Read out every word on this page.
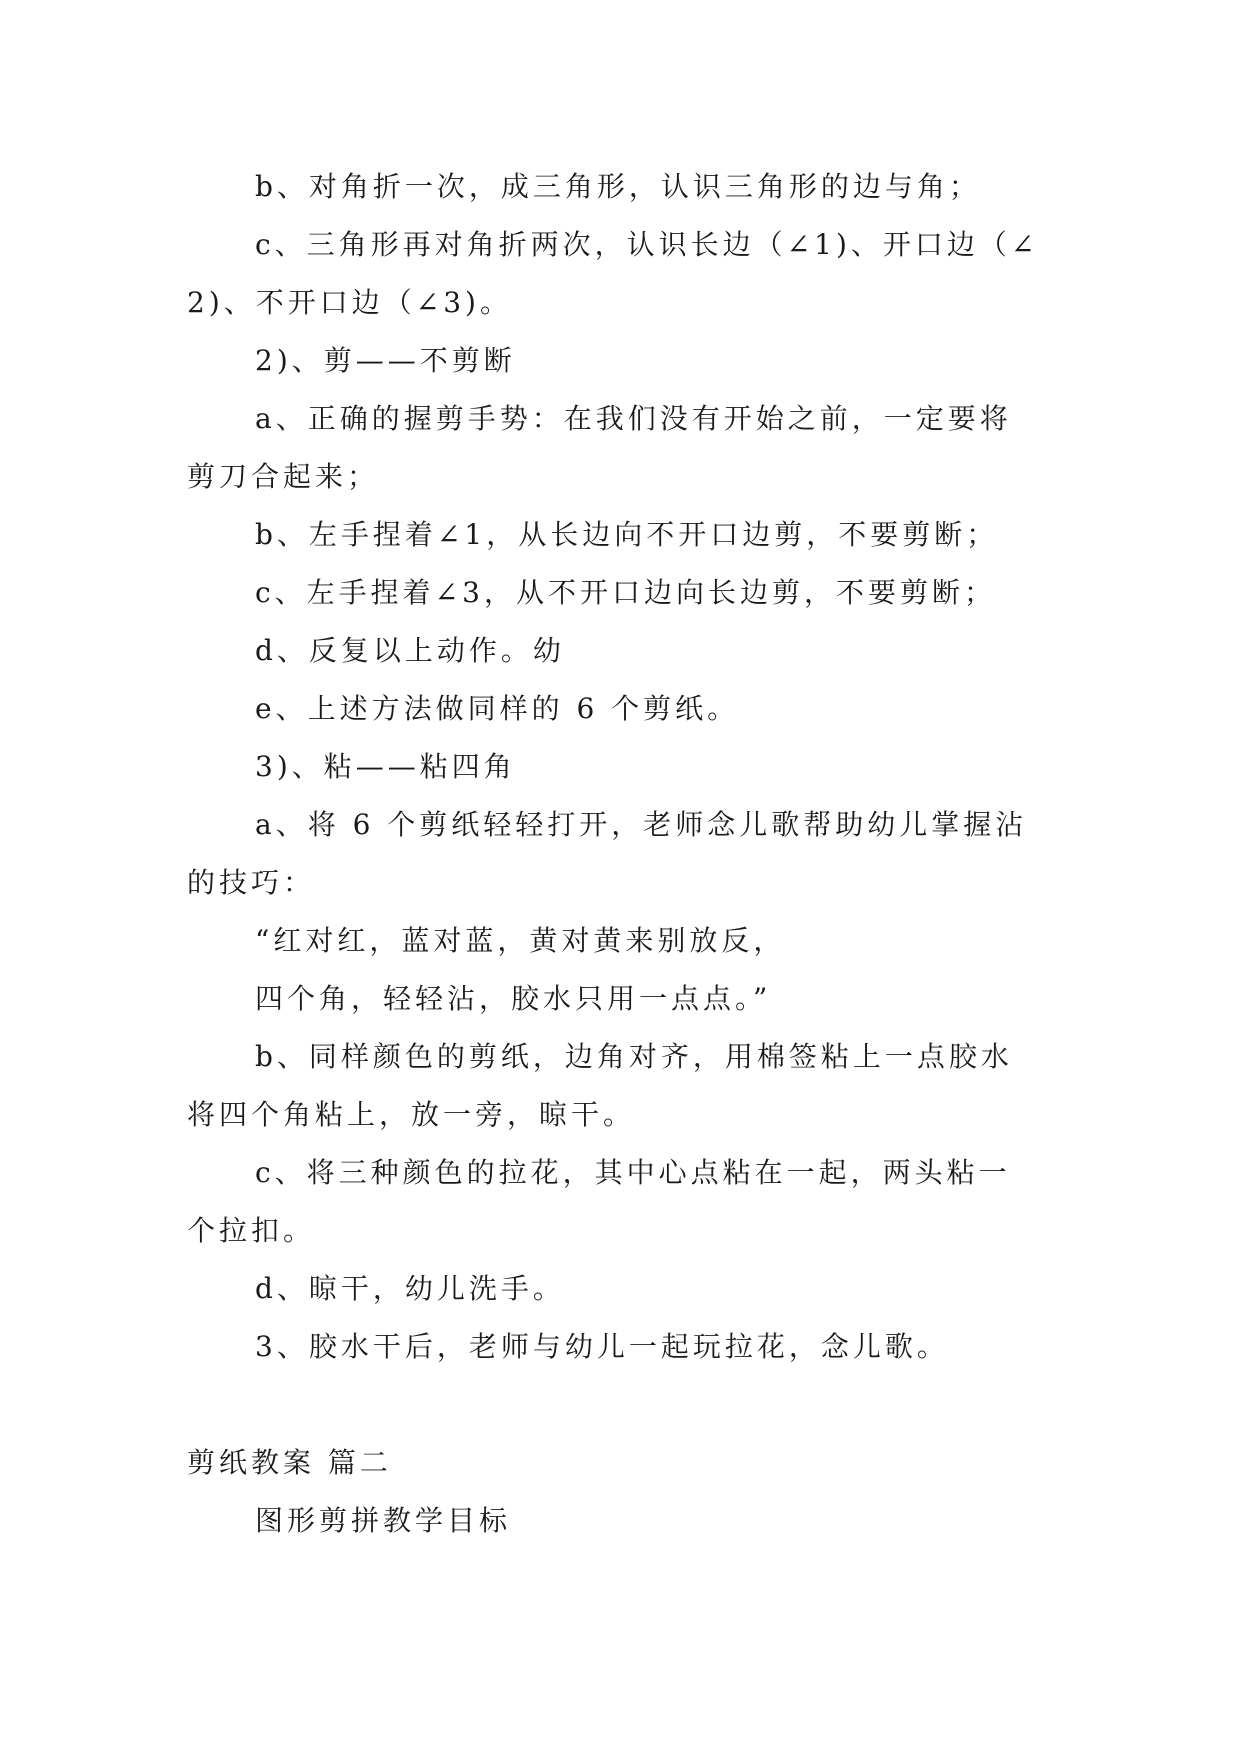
b、对角折一次，成三角形，认识三角形的边与角；
c、三角形再对角折两次，认识长边（∠1)、开口边（∠
2)、不开口边（∠3)。
2)、剪——不剪断
a、正确的握剪手势：在我们没有开始之前，一定要将
剪刀合起来；
b、左手捏着∠1，从长边向不开口边剪，不要剪断；
c、左手捏着∠3，从不开口边向长边剪，不要剪断；
d、反复以上动作。幼
e、上述方法做同样的 6 个剪纸。
3)、粘——粘四角
a、将 6 个剪纸轻轻打开，老师念儿歌帮助幼儿掌握沾
的技巧：
“红对红，蓝对蓝，黄对黄来别放反，
四个角，轻轻沾，胶水只用一点点。”
b、同样颜色的剪纸，边角对齐，用棉签粘上一点胶水
将四个角粘上，放一旁，晾干。
c、将三种颜色的拉花，其中心点粘在一起，两头粘一
个拉扣。
d、晾干，幼儿洗手。
3、胶水干后，老师与幼儿一起玩拉花，念儿歌。
剪纸教案 篇二
图形剪拼教学目标
